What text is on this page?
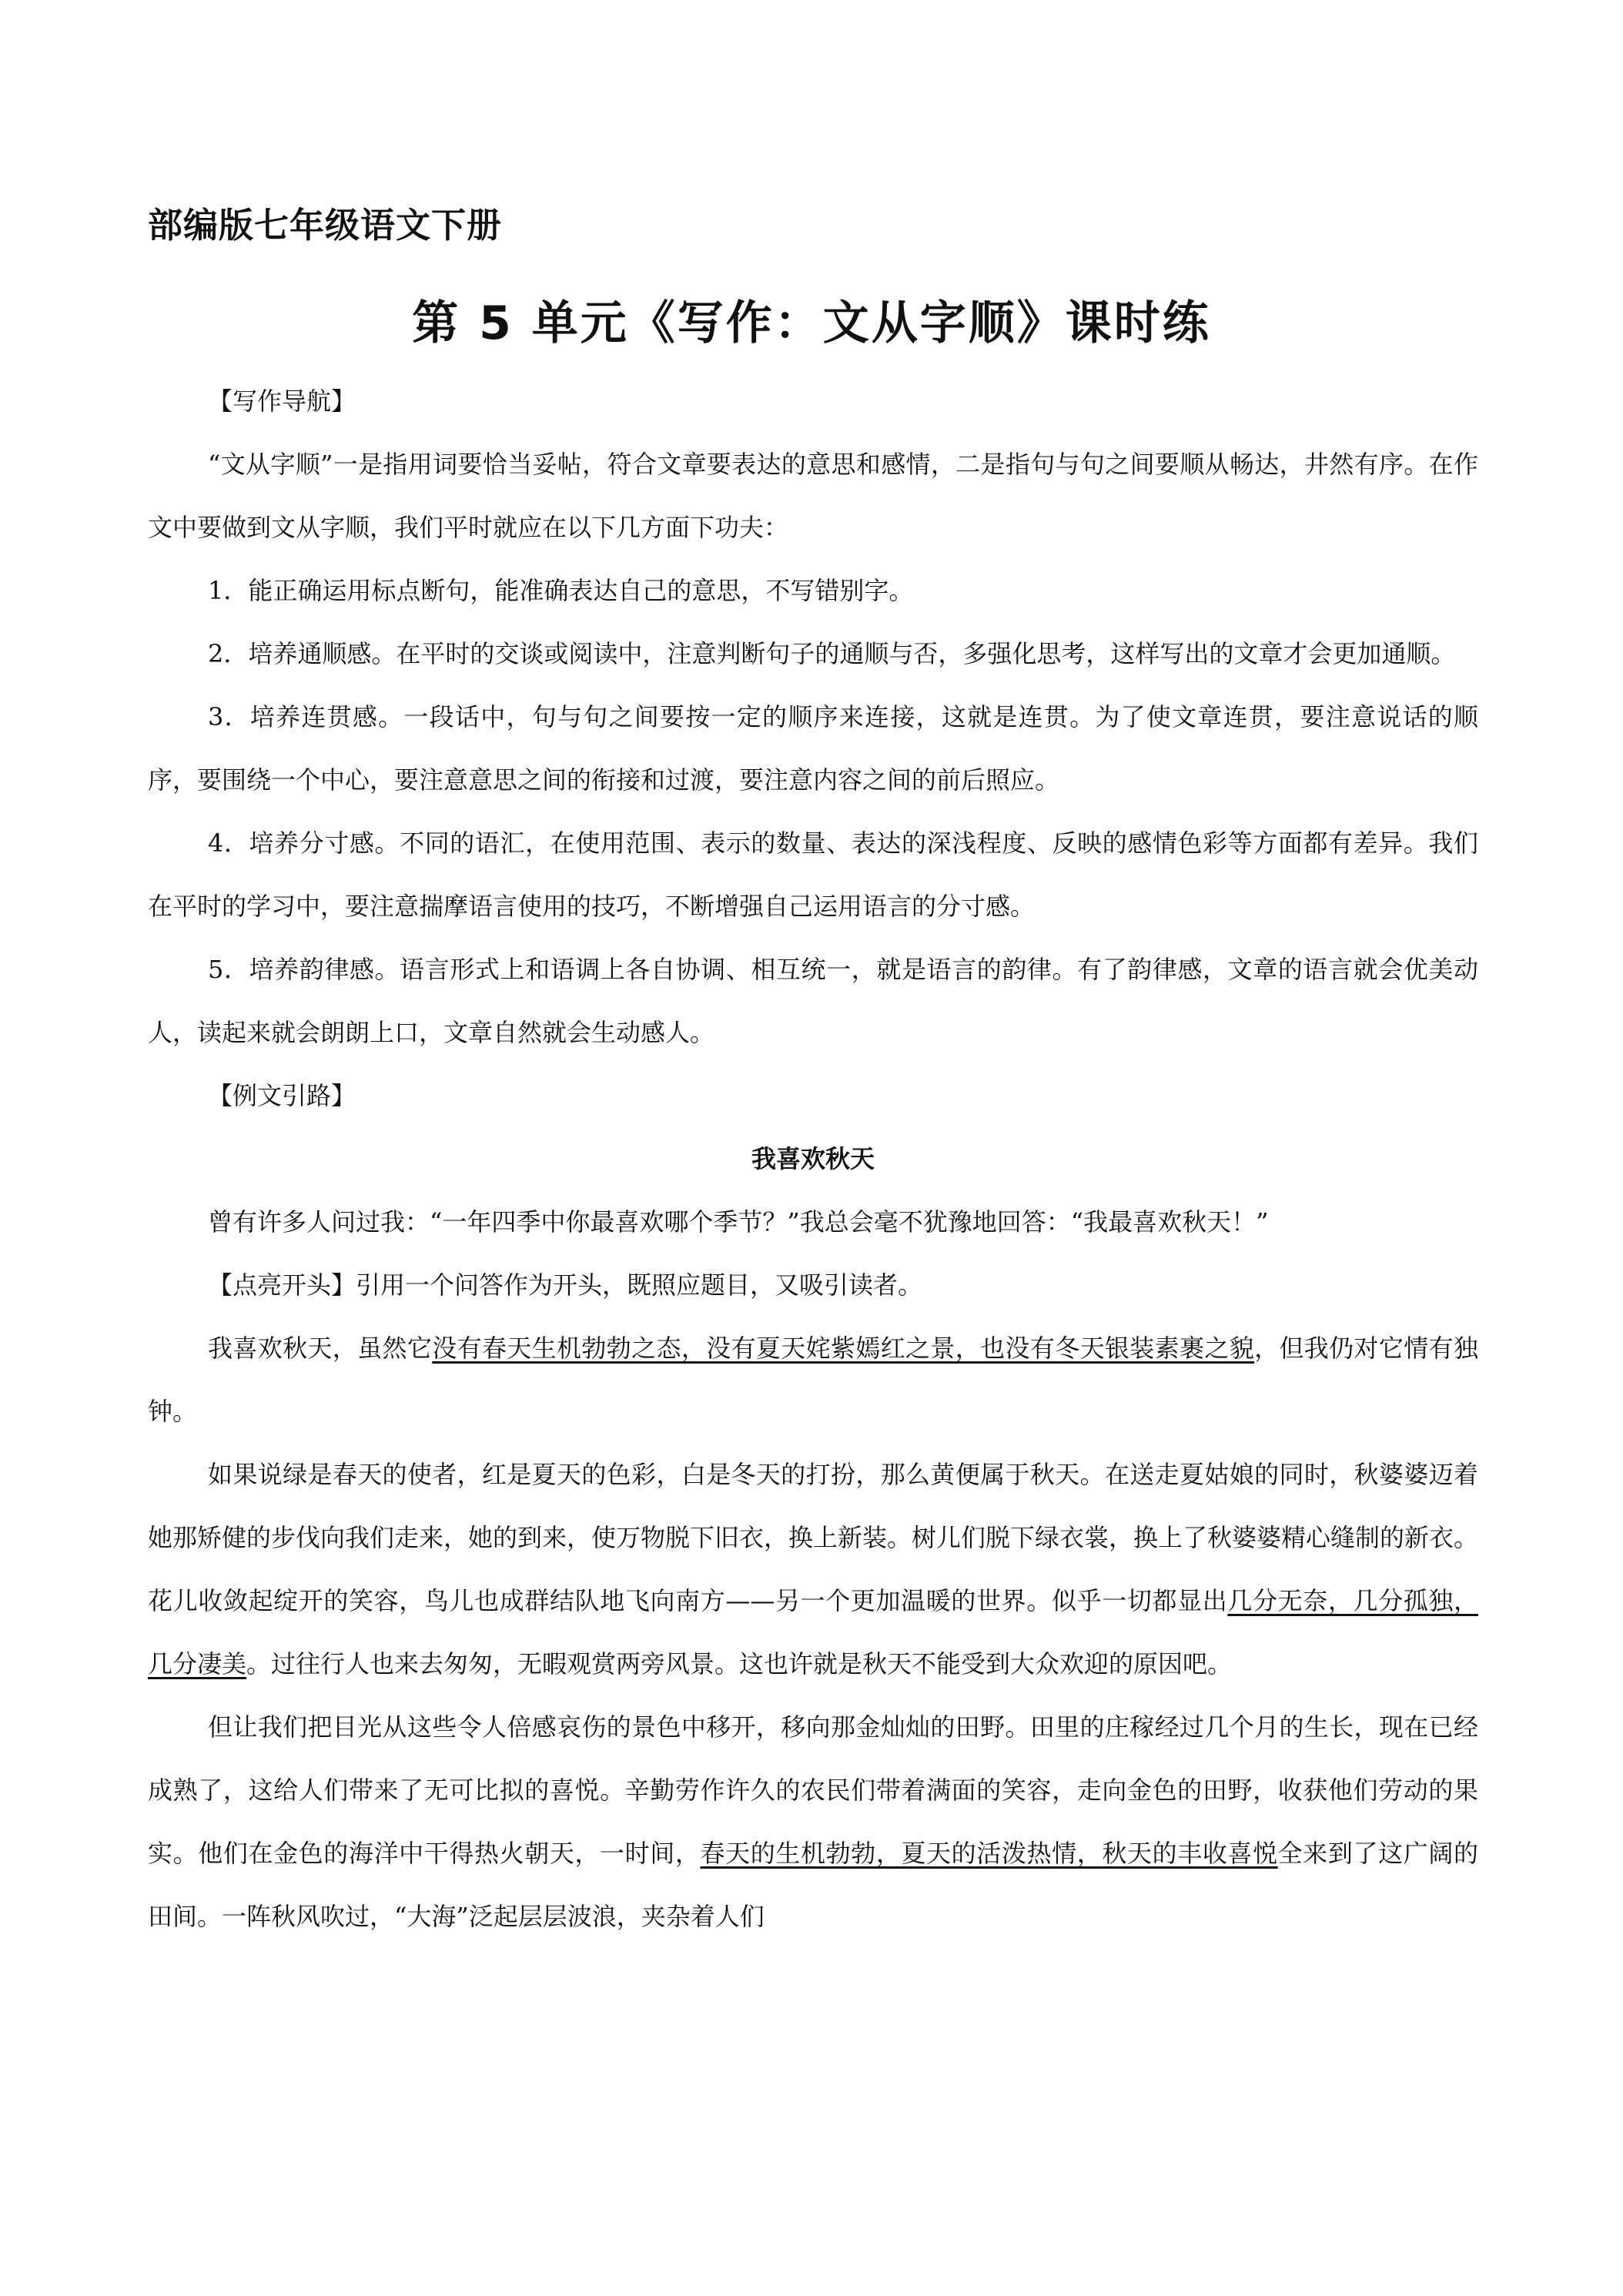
部编版七年级语文下册
第 5 单元《写作：文从字顺》课时练

【写作导航】

“文从字顺”一是指用词要恰当妥帖，符合文章要表达的意思和感情，二是指句与句之间要顺从畅达，井然有序。在作文中要做到文从字顺，我们平时就应在以下几方面下功夫：

1．能正确运用标点断句，能准确表达自己的意思，不写错别字。

2．培养通顺感。在平时的交谈或阅读中，注意判断句子的通顺与否，多强化思考，这样写出的文章才会更加通顺。

3．培养连贯感。一段话中，句与句之间要按一定的顺序来连接，这就是连贯。为了使文章连贯，要注意说话的顺序，要围绕一个中心，要注意意思之间的衔接和过渡，要注意内容之间的前后照应。

4．培养分寸感。不同的语汇，在使用范围、表示的数量、表达的深浅程度、反映的感情色彩等方面都有差异。我们在平时的学习中，要注意揣摩语言使用的技巧，不断增强自己运用语言的分寸感。

5．培养韵律感。语言形式上和语调上各自协调、相互统一，就是语言的韵律。有了韵律感，文章的语言就会优美动人，读起来就会朗朗上口，文章自然就会生动感人。

【例文引路】

我喜欢秋天

曾有许多人问过我：“一年四季中你最喜欢哪个季节？”我总会毫不犹豫地回答：“我最喜欢秋天！”

【点亮开头】引用一个问答作为开头，既照应题目，又吸引读者。

我喜欢秋天，虽然它没有春天生机勃勃之态，没有夏天姹紫嫣红之景，也没有冬天银装素裹之貌，但我仍对它情有独钟。

如果说绿是春天的使者，红是夏天的色彩，白是冬天的打扮，那么黄便属于秋天。在送走夏姑娘的同时，秋婆婆迈着她那矫健的步伐向我们走来，她的到来，使万物脱下旧衣，换上新装。树儿们脱下绿衣裳，换上了秋婆婆精心缝制的新衣。花儿收敛起绽开的笑容，鸟儿也成群结队地飞向南方——另一个更加温暖的世界。似乎一切都显出几分无奈，几分孤独，几分凄美。过往行人也来去匆匆，无暇观赏两旁风景。这也许就是秋天不能受到大众欢迎的原因吧。

但让我们把目光从这些令人倍感哀伤的景色中移开，移向那金灿灿的田野。田里的庄稼经过几个月的生长，现在已经成熟了，这给人们带来了无可比拟的喜悦。辛勤劳作许久的农民们带着满面的笑容，走向金色的田野，收获他们劳动的果实。他们在金色的海洋中干得热火朝天，一时间，春天的生机勃勃，夏天的活泼热情，秋天的丰收喜悦全来到了这广阔的田间。一阵秋风吹过，“大海”泛起层层波浪，夹杂着人们
